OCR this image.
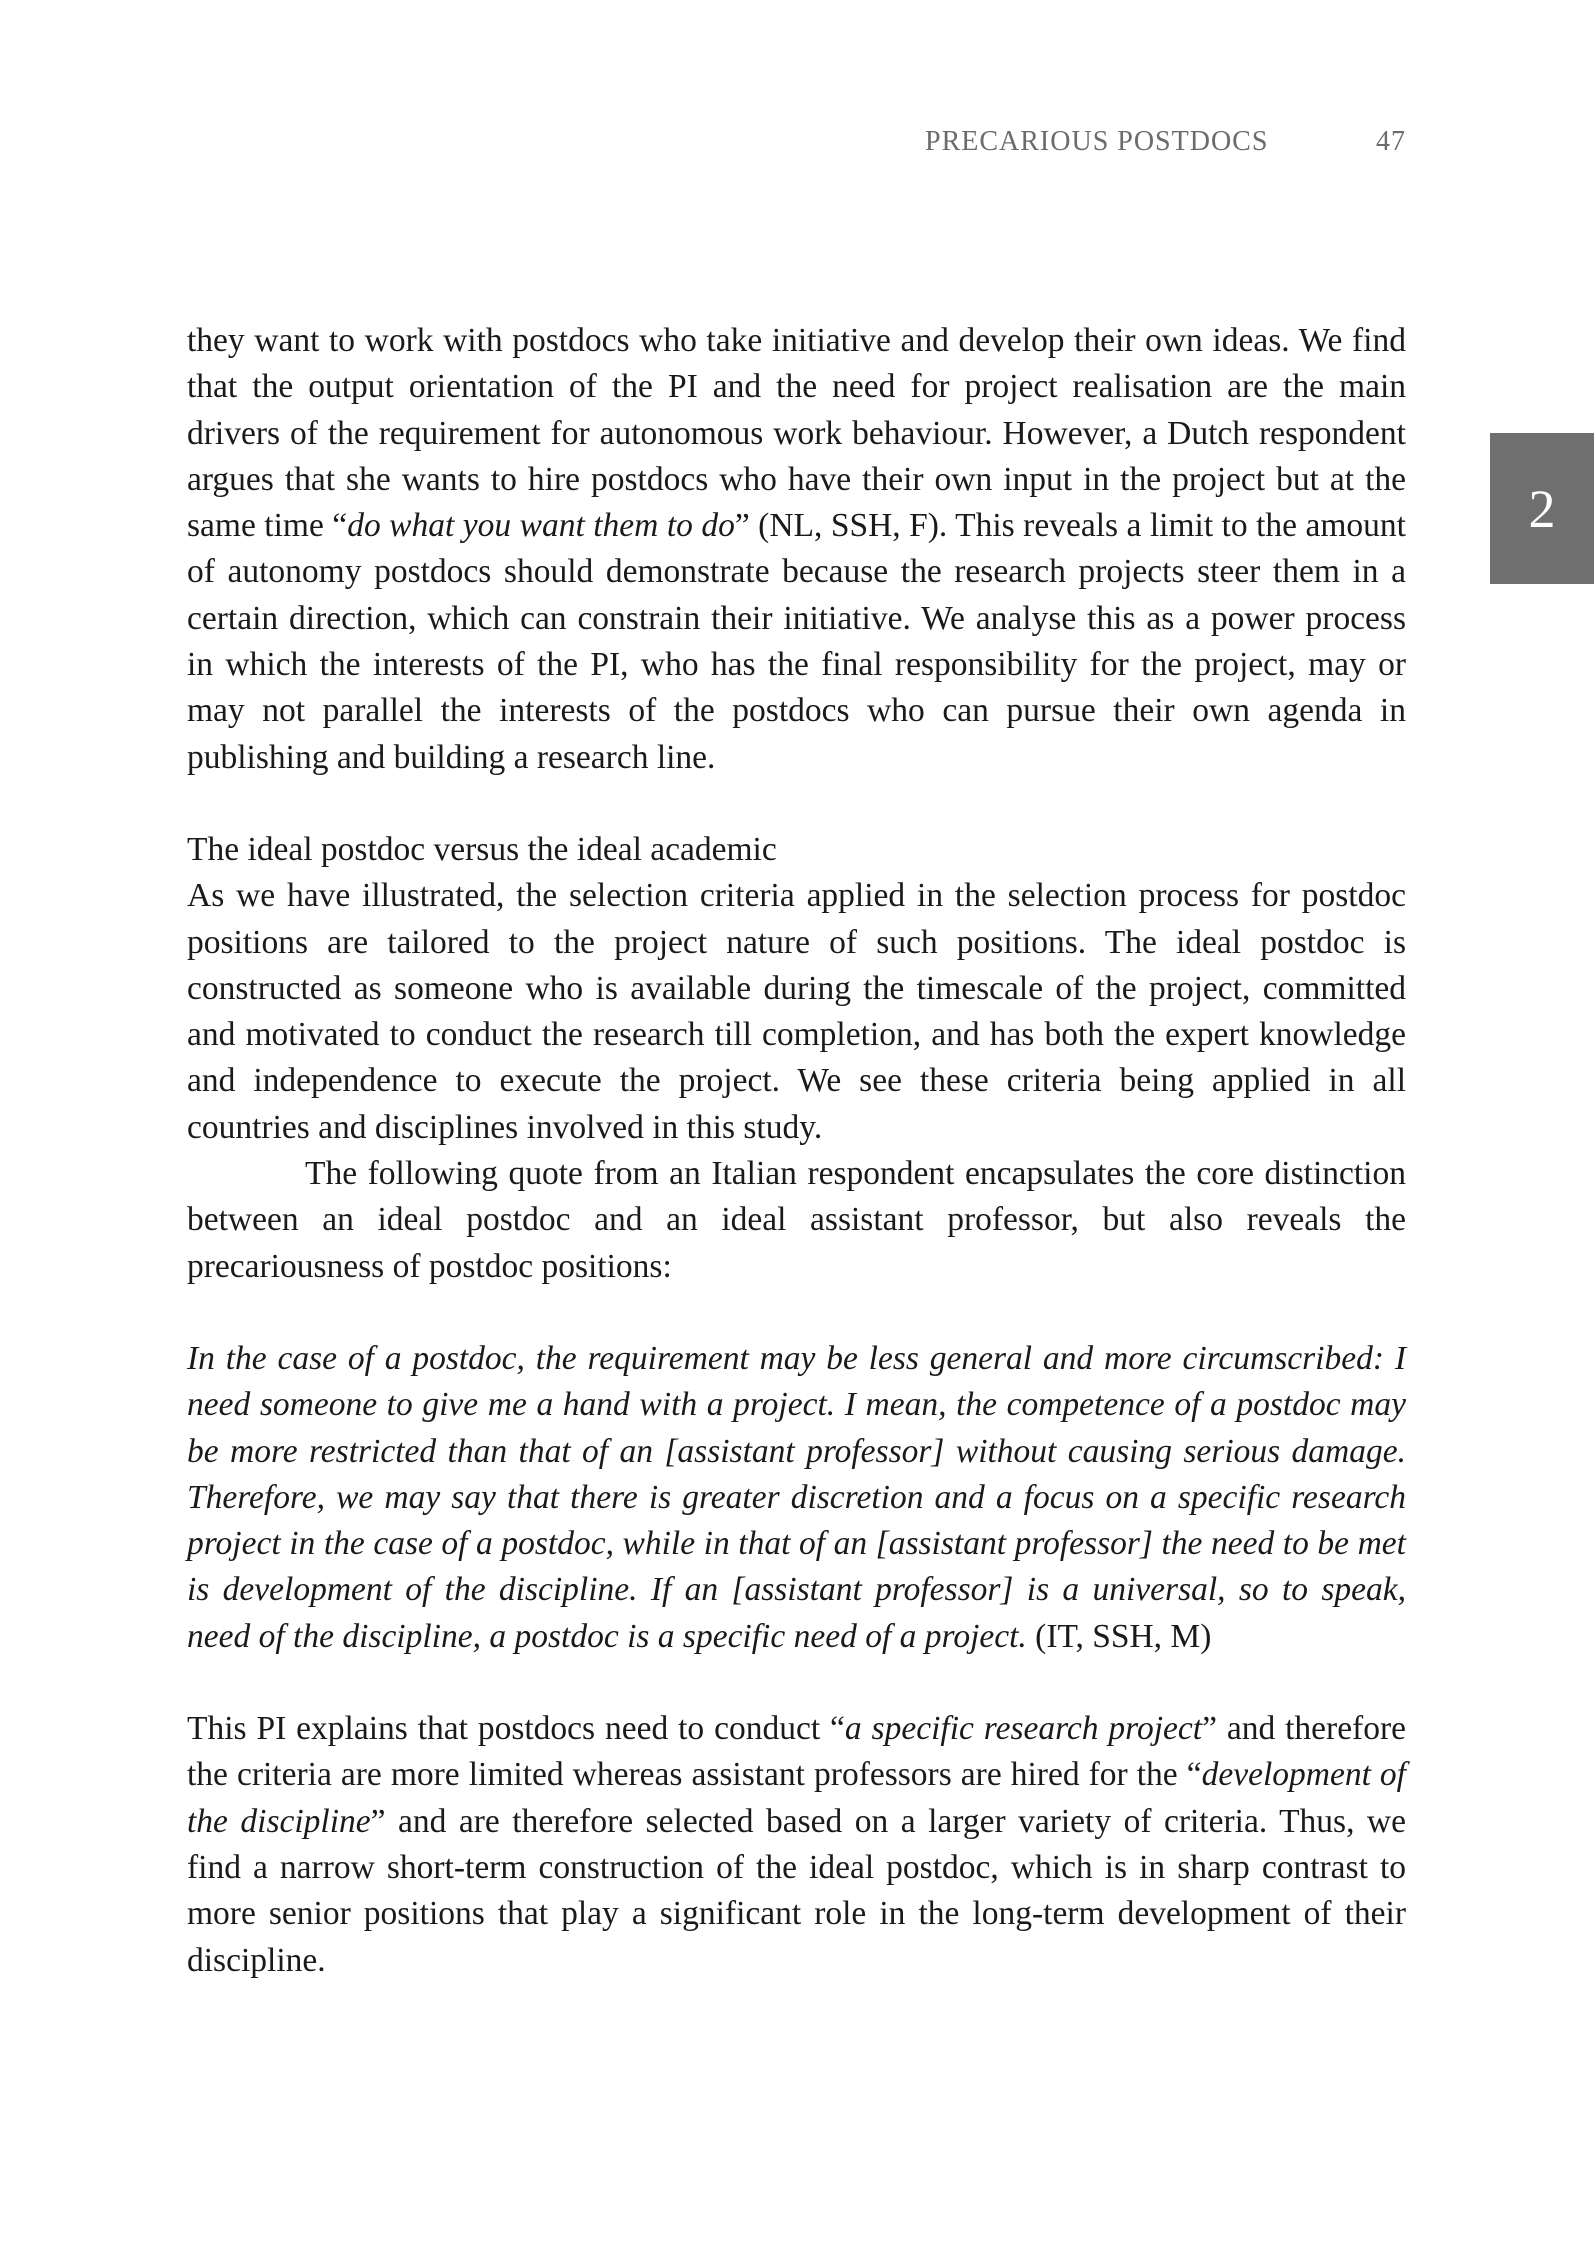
PRECARIOUS POSTDOCS	47
2

they want to work with postdocs who take initiative and develop their own ideas. We find that the output orientation of the PI and the need for project realisation are the main drivers of the requirement for autonomous work behaviour. However, a Dutch respondent argues that she wants to hire postdocs who have their own input in the project but at the same time “do what you want them to do” (NL, SSH, F). This reveals a limit to the amount of autonomy postdocs should demonstrate because the research projects steer them in a certain direction, which can constrain their initiative. We analyse this as a power process in which the interests of the PI, who has the final responsibility for the project, may or may not parallel the interests of the postdocs who can pursue their own agenda in publishing and building a research line.

The ideal postdoc versus the ideal academic

As we have illustrated, the selection criteria applied in the selection process for postdoc positions are tailored to the project nature of such positions. The ideal postdoc is constructed as someone who is available during the timescale of the project, committed and motivated to conduct the research till completion, and has both the expert knowledge and independence to execute the project. We see these criteria being applied in all countries and disciplines involved in this study.

The following quote from an Italian respondent encapsulates the core distinction between an ideal postdoc and an ideal assistant professor, but also reveals the precariousness of postdoc positions:

In the case of a postdoc, the requirement may be less general and more circumscribed: I need someone to give me a hand with a project. I mean, the competence of a postdoc may be more restricted than that of an [assistant professor] without causing serious damage. Therefore, we may say that there is greater discretion and a focus on a specific research project in the case of a postdoc, while in that of an [assistant professor] the need to be met is development of the discipline. If an [assistant professor] is a universal, so to speak, need of the discipline, a postdoc is a specific need of a project. (IT, SSH, M)

This PI explains that postdocs need to conduct “a specific research project” and therefore the criteria are more limited whereas assistant professors are hired for the “development of the discipline” and are therefore selected based on a larger variety of criteria. Thus, we find a narrow short-term construction of the ideal postdoc, which is in sharp contrast to more senior positions that play a significant role in the long-term development of their discipline.
